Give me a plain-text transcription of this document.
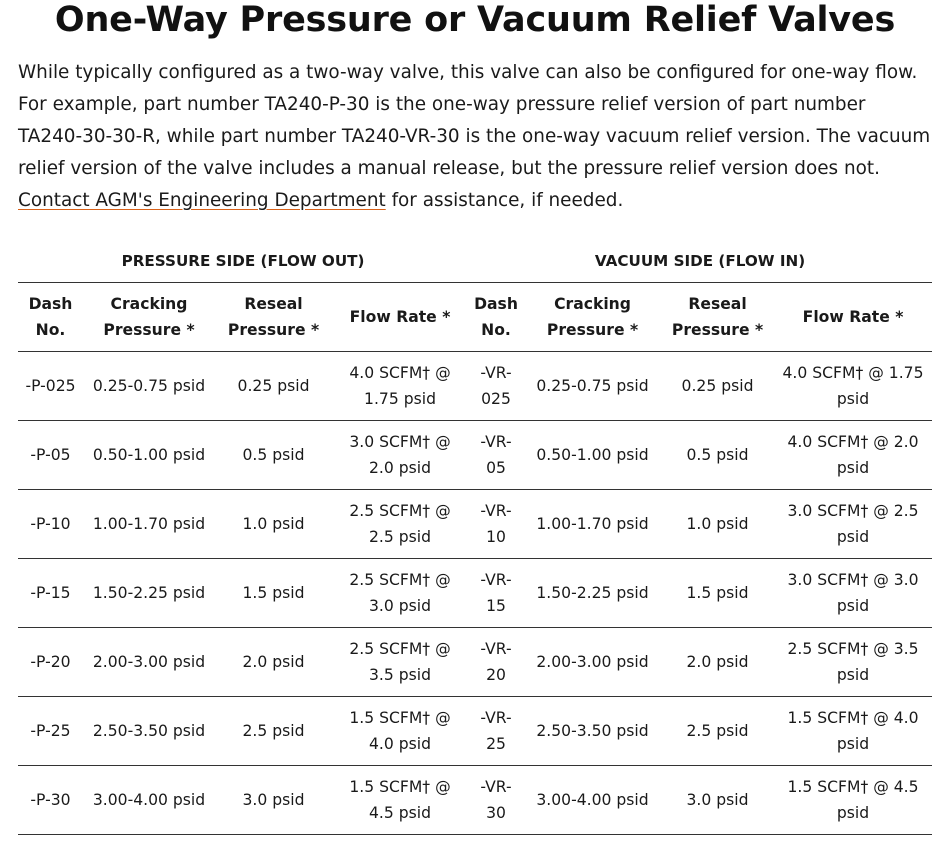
One-Way Pressure or Vacuum Relief Valves

While typically configured as a two-way valve, this valve can also be configured for one-way flow. For example, part number TA240-P-30 is the one-way pressure relief version of part number TA240-30-30-R, while part number TA240-VR-30 is the one-way vacuum relief version. The vacuum relief version of the valve includes a manual release, but the pressure relief version does not.

Contact AGM's Engineering Department for assistance, if needed.

PRESSURE SIDE (FLOW OUT)				VACUUM SIDE (FLOW IN)			
Dash No.	Cracking Pressure *	Reseal Pressure *	Flow Rate *	Dash No.	Cracking Pressure *	Reseal Pressure *	Flow Rate *
-P-025	0.25-0.75 psid	0.25 psid	4.0 SCFM† @ 1.75 psid	-VR-025	0.25-0.75 psid	0.25 psid	4.0 SCFM† @ 1.75 psid
-P-05	0.50-1.00 psid	0.5 psid	3.0 SCFM† @ 2.0 psid	-VR-05	0.50-1.00 psid	0.5 psid	4.0 SCFM† @ 2.0 psid
-P-10	1.00-1.70 psid	1.0 psid	2.5 SCFM† @ 2.5 psid	-VR-10	1.00-1.70 psid	1.0 psid	3.0 SCFM† @ 2.5 psid
-P-15	1.50-2.25 psid	1.5 psid	2.5 SCFM† @ 3.0 psid	-VR-15	1.50-2.25 psid	1.5 psid	3.0 SCFM† @ 3.0 psid
-P-20	2.00-3.00 psid	2.0 psid	2.5 SCFM† @ 3.5 psid	-VR-20	2.00-3.00 psid	2.0 psid	2.5 SCFM† @ 3.5 psid
-P-25	2.50-3.50 psid	2.5 psid	1.5 SCFM† @ 4.0 psid	-VR-25	2.50-3.50 psid	2.5 psid	1.5 SCFM† @ 4.0 psid
-P-30	3.00-4.00 psid	3.0 psid	1.5 SCFM† @ 4.5 psid	-VR-30	3.00-4.00 psid	3.0 psid	1.5 SCFM† @ 4.5 psid
